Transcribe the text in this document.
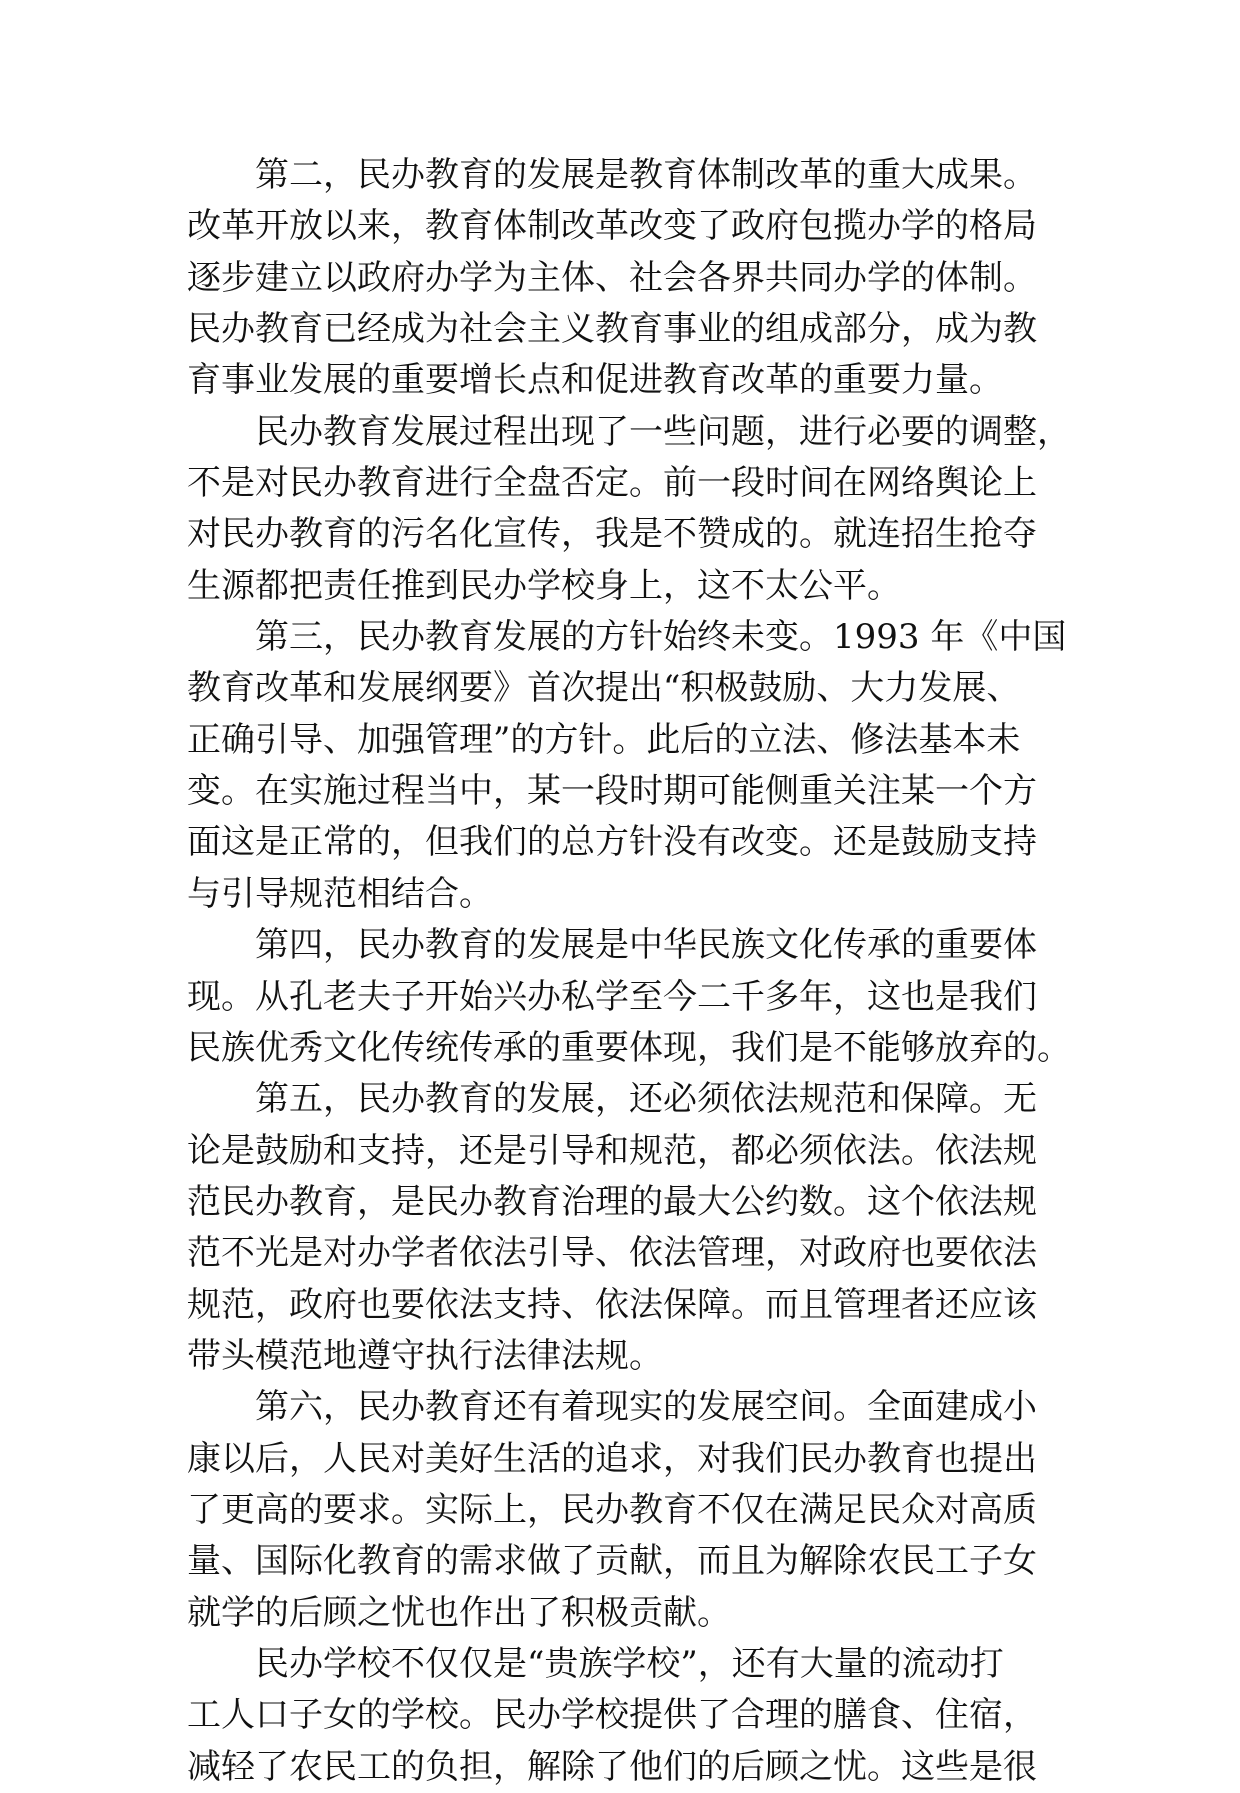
第二，民办教育的发展是教育体制改革的重大成果。
改革开放以来，教育体制改革改变了政府包揽办学的格局
逐步建立以政府办学为主体、社会各界共同办学的体制。
民办教育已经成为社会主义教育事业的组成部分，成为教
育事业发展的重要增长点和促进教育改革的重要力量。
民办教育发展过程出现了一些问题，进行必要的调整，
不是对民办教育进行全盘否定。前一段时间在网络舆论上
对民办教育的污名化宣传，我是不赞成的。就连招生抢夺
生源都把责任推到民办学校身上，这不太公平。
第三，民办教育发展的方针始终未变。1993 年《中国
教育改革和发展纲要》首次提出“积极鼓励、大力发展、
正确引导、加强管理”的方针。此后的立法、修法基本未
变。在实施过程当中，某一段时期可能侧重关注某一个方
面这是正常的，但我们的总方针没有改变。还是鼓励支持
与引导规范相结合。
第四，民办教育的发展是中华民族文化传承的重要体
现。从孔老夫子开始兴办私学至今二千多年，这也是我们
民族优秀文化传统传承的重要体现，我们是不能够放弃的。
第五，民办教育的发展，还必须依法规范和保障。无
论是鼓励和支持，还是引导和规范，都必须依法。依法规
范民办教育，是民办教育治理的最大公约数。这个依法规
范不光是对办学者依法引导、依法管理，对政府也要依法
规范，政府也要依法支持、依法保障。而且管理者还应该
带头模范地遵守执行法律法规。
第六，民办教育还有着现实的发展空间。全面建成小
康以后，人民对美好生活的追求，对我们民办教育也提出
了更高的要求。实际上，民办教育不仅在满足民众对高质
量、国际化教育的需求做了贡献，而且为解除农民工子女
就学的后顾之忧也作出了积极贡献。
民办学校不仅仅是“贵族学校”，还有大量的流动打
工人口子女的学校。民办学校提供了合理的膳食、住宿，
减轻了农民工的负担，解除了他们的后顾之忧。这些是很
